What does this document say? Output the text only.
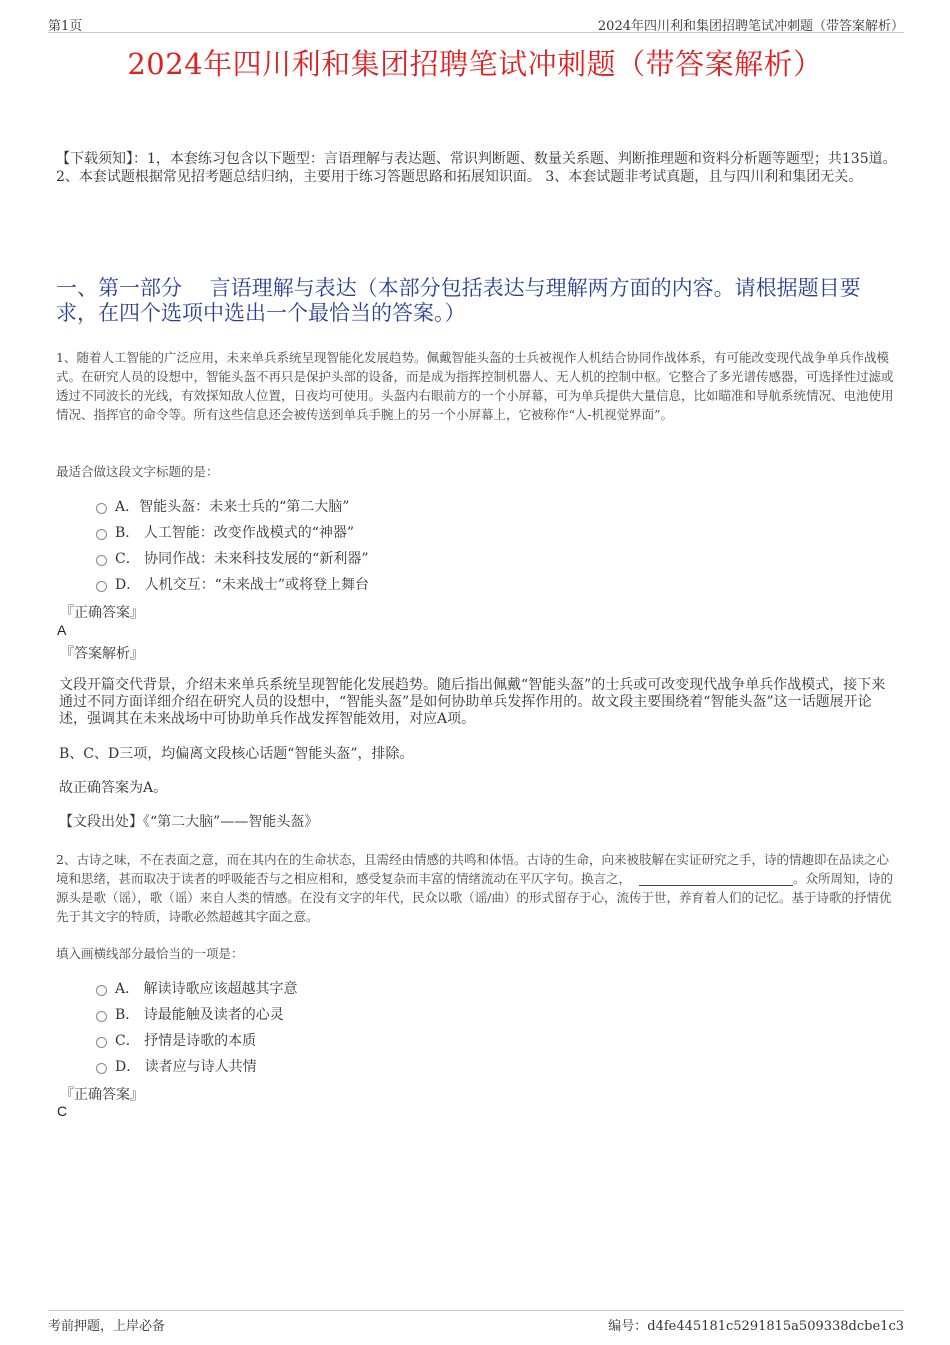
第1页	2024年四川利和集团招聘笔试冲刺题（带答案解析）
2024年四川利和集团招聘笔试冲刺题（带答案解析）
【下载须知】：1，本套练习包含以下题型：言语理解与表达题、常识判断题、数量关系题、判断推理题和资料分析题等题型；共135道。 2、本套试题根据常见招考题总结归纳，主要用于练习答题思路和拓展知识面。 3、本套试题非考试真题，且与四川利和集团无关。
一、第一部分　 言语理解与表达（本部分包括表达与理解两方面的内容。请根据题目要求，在四个选项中选出一个最恰当的答案。）
1、随着人工智能的广泛应用，未来单兵系统呈现智能化发展趋势。佩戴智能头盔的士兵被视作人机结合协同作战体系，有可能改变现代战争单兵作战模式。在研究人员的设想中，智能头盔不再只是保护头部的设备，而是成为指挥控制机器人、无人机的控制中枢。它整合了多光谱传感器，可选择性过滤或透过不同波长的光线，有效探知敌人位置，日夜均可使用。头盔内右眼前方的一个小屏幕，可为单兵提供大量信息，比如瞄准和导航系统情况、电池使用情况、指挥官的命令等。所有这些信息还会被传送到单兵手腕上的另一个小屏幕上，它被称作“人-机视觉界面”。
最适合做这段文字标题的是：
A．智能头盔：未来士兵的“第二大脑”
B． 人工智能：改变作战模式的“神器”
C． 协同作战：未来科技发展的“新利器”
D． 人机交互：“未来战士”或将登上舞台
『正确答案』
A
『答案解析』
文段开篇交代背景，介绍未来单兵系统呈现智能化发展趋势。随后指出佩戴“智能头盔”的士兵或可改变现代战争单兵作战模式，接下来通过不同方面详细介绍在研究人员的设想中，“智能头盔”是如何协助单兵发挥作用的。故文段主要围绕着“智能头盔”这一话题展开论述，强调其在未来战场中可协助单兵作战发挥智能效用，对应A项。
B、C、D三项，均偏离文段核心话题“智能头盔”，排除。
故正确答案为A。
【文段出处】《“第二大脑”——智能头盔》
2、古诗之味，不在表面之意，而在其内在的生命状态，且需经由情感的共鸣和体悟。古诗的生命，向来被肢解在实证研究之手，诗的情趣即在品读之心境和思绪，甚而取决于读者的呼吸能否与之相应相和，感受复杂而丰富的情绪流动在平仄字句。换言之，	。众所周知，诗的源头是歌（谣），歌（谣）来自人类的情感。在没有文字的年代，民众以歌（谣/曲）的形式留存于心，流传于世，养育着人们的记忆。基于诗歌的抒情优先于其文字的特质，诗歌必然超越其字面之意。
填入画横线部分最恰当的一项是：
A． 解读诗歌应该超越其字意
B． 诗最能触及读者的心灵
C． 抒情是诗歌的本质
D． 读者应与诗人共情
『正确答案』
C
考前押题，上岸必备	编号：d4fe445181c5291815a509338dcbe1c3
